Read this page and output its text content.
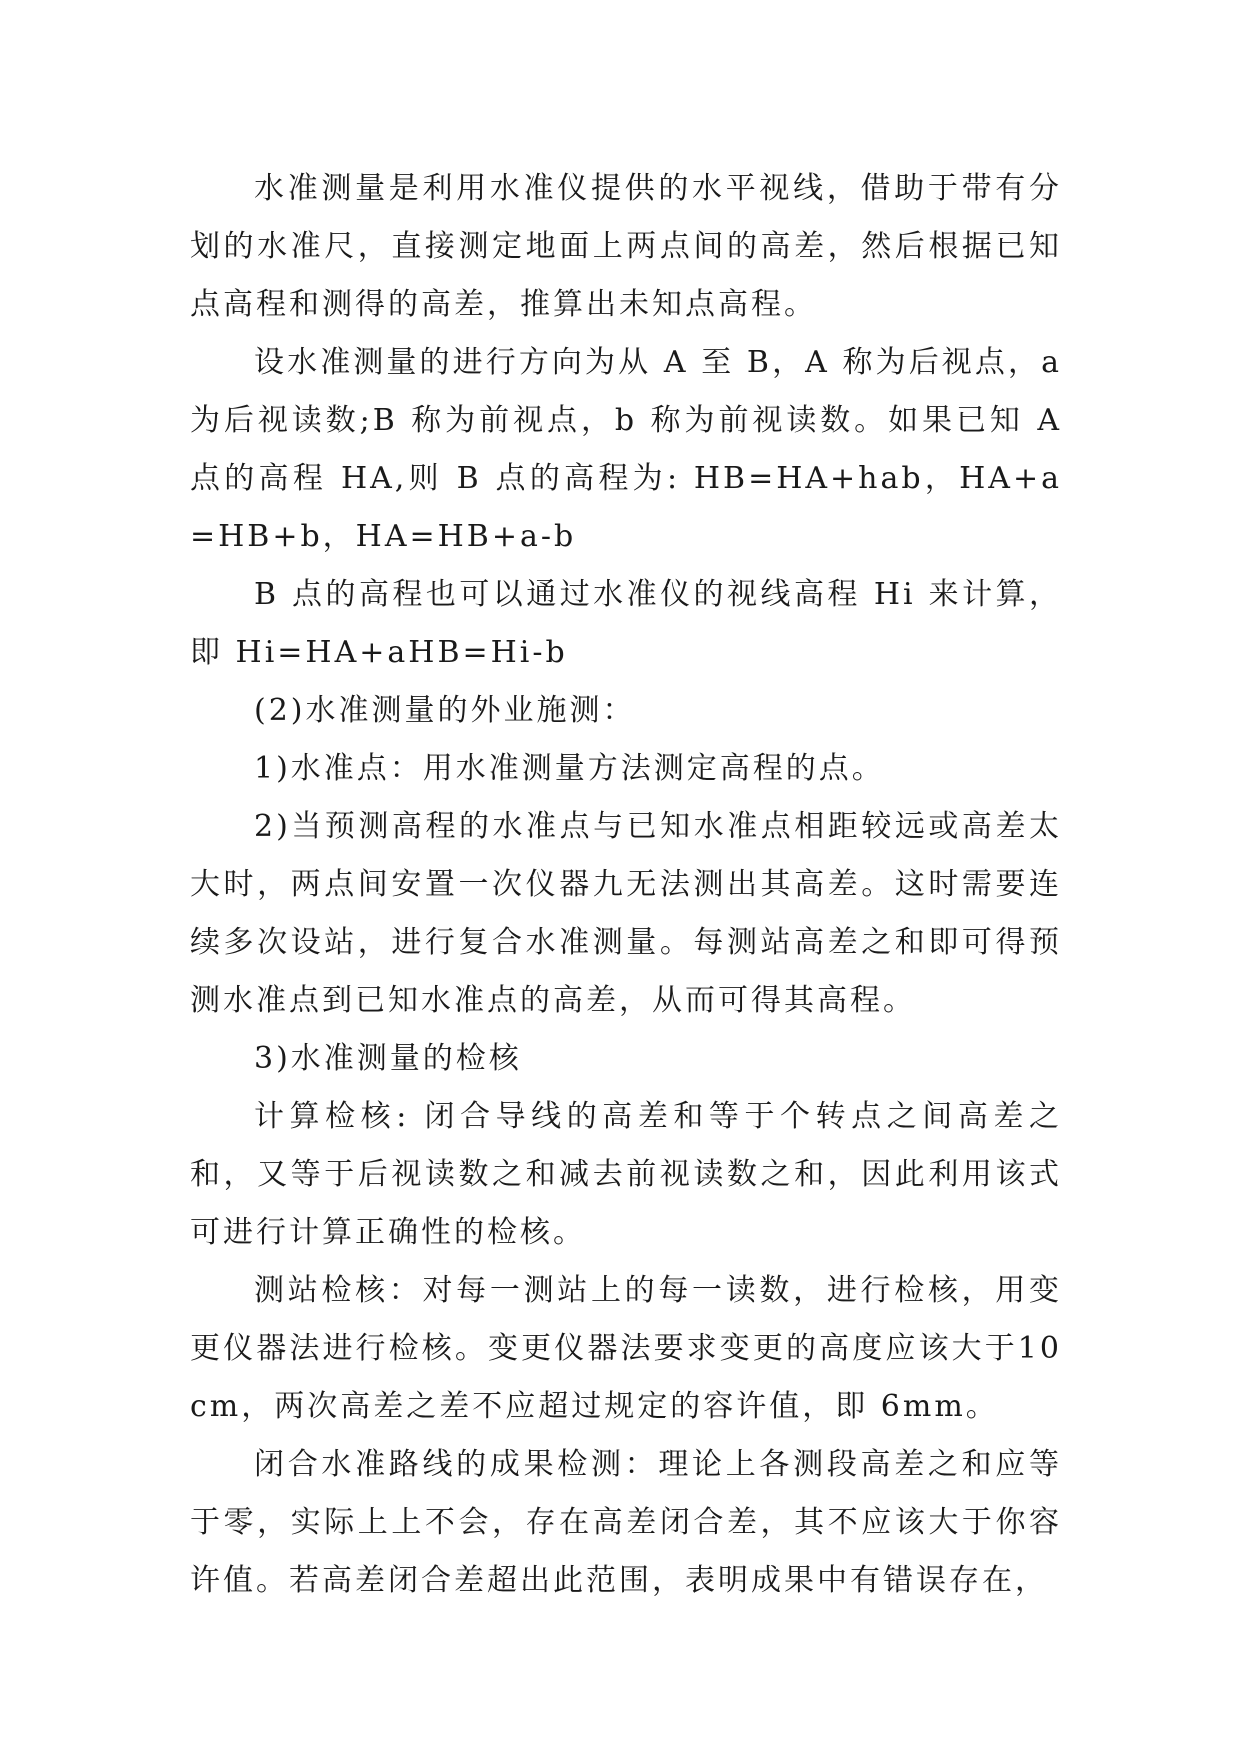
水准测量是利用水准仪提供的水平视线，借助于带有分划的水准尺，直接测定地面上两点间的高差，然后根据已知点高程和测得的高差，推算出未知点高程。

设水准测量的进行方向为从 A 至 B，A 称为后视点，a 为后视读数;B 称为前视点，b 称为前视读数。如果已知 A 点的高程 HA,则 B 点的高程为: HB=HA+hab，HA+a=HB+b，HA=HB+a-b

B 点的高程也可以通过水准仪的视线高程 Hi 来计算，即 Hi=HA+aHB=Hi-b

(2)水准测量的外业施测：

1)水准点：用水准测量方法测定高程的点。

2)当预测高程的水准点与已知水准点相距较远或高差太大时，两点间安置一次仪器九无法测出其高差。这时需要连续多次设站，进行复合水准测量。每测站高差之和即可得预测水准点到已知水准点的高差，从而可得其高程。

3)水准测量的检核

计算检核: 闭合导线的高差和等于个转点之间高差之和，又等于后视读数之和减去前视读数之和，因此利用该式可进行计算正确性的检核。

测站检核：对每一测站上的每一读数，进行检核，用变更仪器法进行检核。变更仪器法要求变更的高度应该大于10cm，两次高差之差不应超过规定的容许值，即 6mm。

闭合水准路线的成果检测：理论上各测段高差之和应等于零，实际上上不会，存在高差闭合差，其不应该大于你容许值。若高差闭合差超出此范围，表明成果中有错误存在，
